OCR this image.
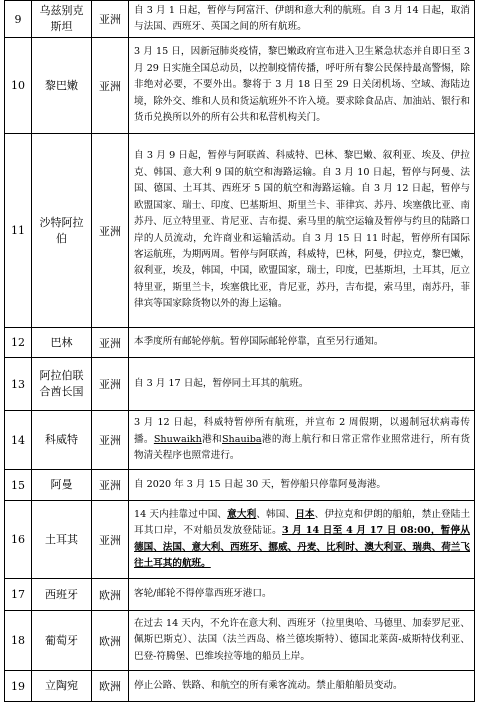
9	乌兹别克斯坦	亚洲	自 3 月 1 日起，暂停与阿富汗、伊朗和意大利的航班。自 3 月 14 日起，取消与法国、西班牙、英国之间的所有航班。
10	黎巴嫩	亚洲	3 月 15 日，因新冠肺炎疫情，黎巴嫩政府宣布进入卫生紧急状态并自即日至 3 月 29 日实施全国总动员，以控制疫情传播，呼吁所有黎公民保持最高警惕，除非绝对必要，不要外出。黎将于 3 月 18 日至 29 日关闭机场、空域、海陆边境，除外交、维和人员和货运航班外不许入境。要求除食品店、加油站、银行和货币兑换所以外的所有公共和私营机构关门。
11	沙特阿拉伯	亚洲	自 3 月 9 日起，暂停与阿联酋、科威特、巴林、黎巴嫩、叙利亚、埃及、伊拉克、韩国、意大利 9 国的航空和海路运输。自 3 月 10 日起，暂停与阿曼、法国、德国、土耳其、西班牙 5 国的航空和海路运输。自 3 月 12 日起，暂停与欧盟国家、瑞士、印度、巴基斯坦、斯里兰卡、菲律宾、苏丹、埃塞俄比亚、南苏丹、厄立特里亚、肯尼亚、吉布提、索马里的航空运输及暂停与约旦的陆路口岸的人员流动，允许商业和运输活动。自 3 月 15 日 11 时起，暂停所有国际客运航班，为期两周。暂停与阿联酋，科威特，巴林，阿曼，伊拉克，黎巴嫩，叙利亚，埃及，韩国，中国，欧盟国家，瑞士，印度，巴基斯坦，土耳其，厄立特里亚，斯里兰卡，埃塞俄比亚，肯尼亚，苏丹，吉布提，索马里，南苏丹，菲律宾等国家除货物以外的海上运输。
12	巴林	亚洲	本季度所有邮轮停航。暂停国际邮轮停靠，直至另行通知。
13	阿拉伯联合酋长国	亚洲	自 3 月 17 日起，暂停同土耳其的航班。
14	科威特	亚洲	3 月 12 日起，科威特暂停所有航班，并宣布 2 周假期，以遏制冠状病毒传播。Shuwaikh港和Shauiba港的海上航行和日常正常作业照常进行，所有货物清关程序也照常进行。
15	阿曼	亚洲	自 2020 年 3 月 15 日起 30 天，暂停船只停靠阿曼海港。
16	土耳其	亚洲	14 天内挂靠过中国、意大利、韩国、日本、伊拉克和伊朗的船舶，禁止登陆土耳其口岸，不对船员发放登陆证。3 月 14 日至 4 月 17 日 08:00，暂停从德国、法国、意大利、西班牙、挪威、丹麦、比利时、澳大利亚、瑞典、荷兰飞往土耳其的航班。
17	西班牙	欧洲	客轮/邮轮不得停靠西班牙港口。
18	葡萄牙	欧洲	在过去 14 天内，不允许在意大利、西班牙（拉里奥哈、马德里、加泰罗尼亚、佩斯巴斯克）、法国（法兰西岛、格兰德埃斯特）、德国北莱茵-威斯特伐利亚、巴登-符腾堡、巴维埃拉等地的船员上岸。
19	立陶宛	欧洲	停止公路、铁路、和航空的所有乘客流动。禁止船舶船员变动。
